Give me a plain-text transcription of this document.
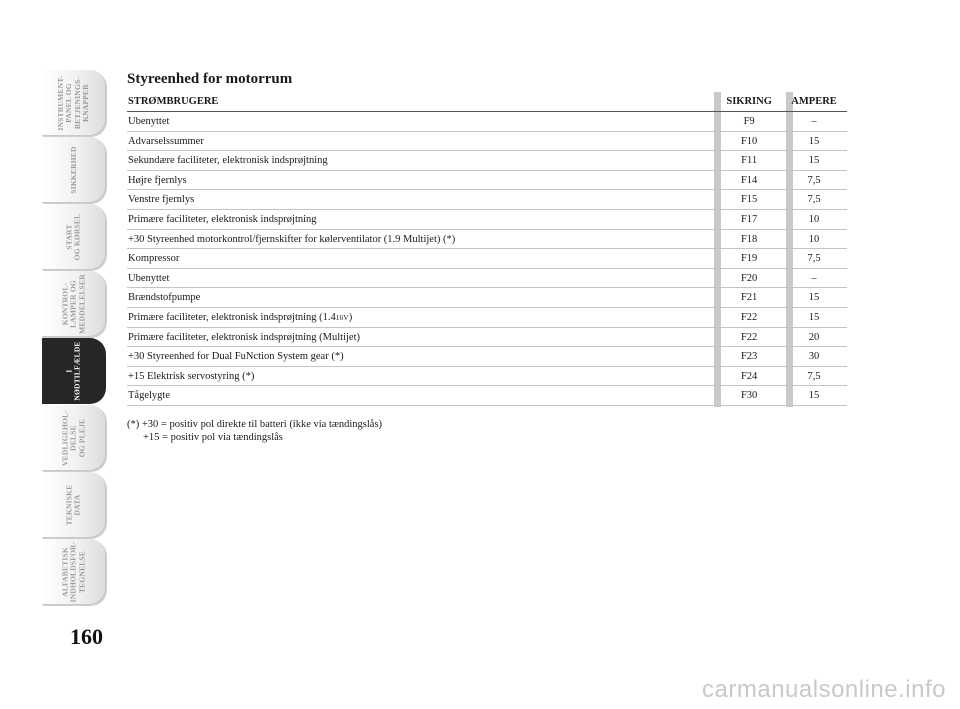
INSTRUMENT-
PANEL OG
BETJENINGS-
KNAPPER
SIKKERHED
START
OG KØRSEL
KONTROL-
LAMPER OG
MEDDELELSER
I
NØDTILFÆLDE
VEDLIGEHOL-
DELSE
OG PLEJE
TEKNISKE
DATA
ALFABETISK
INDHOLDSFOR-
TEGNELSE
160
Styreenhed for motorrum
STRØMBRUGERE	SIKRING	AMPERE
Ubenyttet	F9	–
Advarselssummer	F10	15
Sekundære faciliteter, elektronisk indsprøjtning	F11	15
Højre fjernlys	F14	7,5
Venstre fjernlys	F15	7,5
Primære faciliteter, elektronisk indsprøjtning	F17	10
+30 Styreenhed motorkontrol/fjernskifter for kølerventilator (1.9 Multijet) (*)	F18	10
Kompressor	F19	7,5
Ubenyttet	F20	–
Brændstofpumpe	F21	15
Primære faciliteter, elektronisk indsprøjtning (1.416V)	F22	15
Primære faciliteter, elektronisk indsprøjtning (Multijet)	F22	20
+30 Styreenhed for Dual FuNction System gear (*)	F23	30
+15 Elektrisk servostyring (*)	F24	7,5
Tågelygte	F30	15
(*) +30 = positiv pol direkte til batteri (ikke via tændingslås)
+15 = positiv pol via tændingslås
carmanualsonline.info
